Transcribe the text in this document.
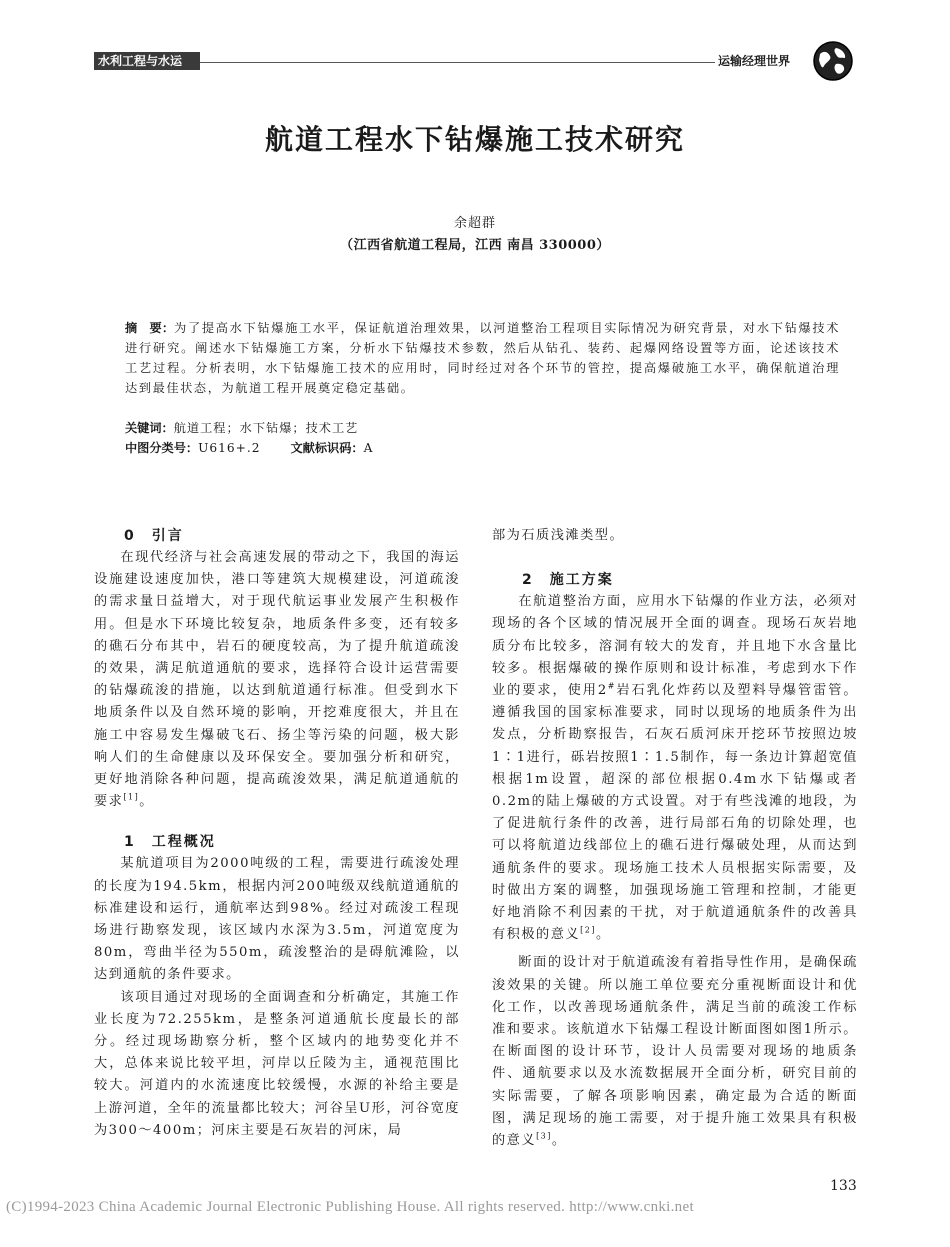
水利工程与水运	运输经理世界
航道工程水下钻爆施工技术研究
余超群
（江西省航道工程局，江西 南昌 330000）
摘　要：为了提高水下钻爆施工水平，保证航道治理效果，以河道整治工程项目实际情况为研究背景，对水下钻爆技术进行研究。阐述水下钻爆施工方案，分析水下钻爆技术参数，然后从钻孔、装药、起爆网络设置等方面，论述该技术工艺过程。分析表明，水下钻爆施工技术的应用时，同时经过对各个环节的管控，提高爆破施工水平，确保航道治理达到最佳状态，为航道工程开展奠定稳定基础。
关键词：航道工程；水下钻爆；技术工艺
中图分类号：U616+.2 文献标识码：A
0　引言

在现代经济与社会高速发展的带动之下，我国的海运设施建设速度加快，港口等建筑大规模建设，河道疏浚的需求量日益增大，对于现代航运事业发展产生积极作用。但是水下环境比较复杂，地质条件多变，还有较多的礁石分布其中，岩石的硬度较高，为了提升航道疏浚的效果，满足航道通航的要求，选择符合设计运营需要的钻爆疏浚的措施，以达到航道通行标准。但受到水下地质条件以及自然环境的影响，开挖难度很大，并且在施工中容易发生爆破飞石、扬尘等污染的问题，极大影响人们的生命健康以及环保安全。要加强分析和研究，更好地消除各种问题，提高疏浚效果，满足航道通航的要求[1]。

1　工程概况

某航道项目为2000吨级的工程，需要进行疏浚处理的长度为194.5km，根据内河200吨级双线航道通航的标准建设和运行，通航率达到98%。经过对疏浚工程现场进行勘察发现，该区域内水深为3.5m，河道宽度为80m，弯曲半径为550m，疏浚整治的是碍航滩险，以达到通航的条件要求。

该项目通过对现场的全面调查和分析确定，其施工作业长度为72.255km，是整条河道通航长度最长的部分。经过现场勘察分析，整个区域内的地势变化并不大，总体来说比较平坦，河岸以丘陵为主，通视范围比较大。河道内的水流速度比较缓慢，水源的补给主要是上游河道，全年的流量都比较大；河谷呈U形，河谷宽度为300～400m；河床主要是石灰岩的河床，局

部为石质浅滩类型。

2　施工方案

在航道整治方面，应用水下钻爆的作业方法，必须对现场的各个区域的情况展开全面的调查。现场石灰岩地质分布比较多，溶洞有较大的发育，并且地下水含量比较多。根据爆破的操作原则和设计标准，考虑到水下作业的要求，使用2#岩石乳化炸药以及塑料导爆管雷管。遵循我国的国家标准要求，同时以现场的地质条件为出发点，分析勘察报告，石灰石质河床开挖环节按照边坡1∶1进行，砾岩按照1∶1.5制作，每一条边计算超宽值根据1m设置，超深的部位根据0.4m水下钻爆或者0.2m的陆上爆破的方式设置。对于有些浅滩的地段，为了促进航行条件的改善，进行局部石角的切除处理，也可以将航道边线部位上的礁石进行爆破处理，从而达到通航条件的要求。现场施工技术人员根据实际需要，及时做出方案的调整，加强现场施工管理和控制，才能更好地消除不利因素的干扰，对于航道通航条件的改善具有积极的意义[2]。

断面的设计对于航道疏浚有着指导性作用，是确保疏浚效果的关键。所以施工单位要充分重视断面设计和优化工作，以改善现场通航条件，满足当前的疏浚工作标准和要求。该航道水下钻爆工程设计断面图如图1所示。在断面图的设计环节，设计人员需要对现场的地质条件、通航要求以及水流数据展开全面分析，研究目前的实际需要，了解各项影响因素，确定最为合适的断面图，满足现场的施工需要，对于提升施工效果具有积极的意义[3]。

133
(C)1994-2023 China Academic Journal Electronic Publishing House. All rights reserved. http://www.cnki.net
